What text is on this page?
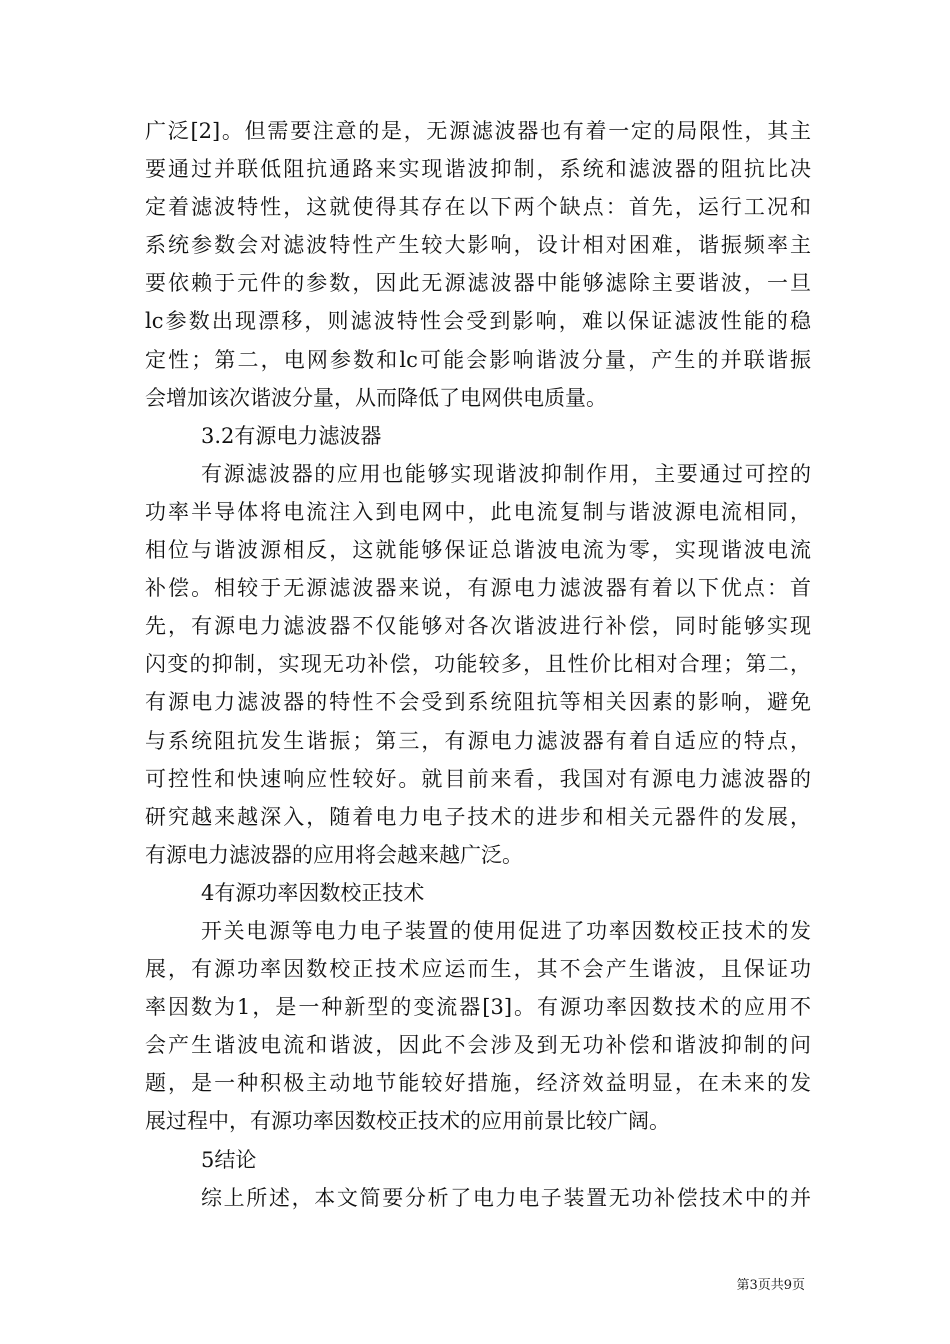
广泛[2]。但需要注意的是，无源滤波器也有着一定的局限性，其主
要通过并联低阻抗通路来实现谐波抑制，系统和滤波器的阻抗比决
定着滤波特性，这就使得其存在以下两个缺点：首先，运行工况和
系统参数会对滤波特性产生较大影响，设计相对困难，谐振频率主
要依赖于元件的参数，因此无源滤波器中能够滤除主要谐波，一旦
lc参数出现漂移，则滤波特性会受到影响，难以保证滤波性能的稳
定性；第二，电网参数和lc可能会影响谐波分量，产生的并联谐振
会增加该次谐波分量，从而降低了电网供电质量。
3.2有源电力滤波器
有源滤波器的应用也能够实现谐波抑制作用，主要通过可控的
功率半导体将电流注入到电网中，此电流复制与谐波源电流相同，
相位与谐波源相反，这就能够保证总谐波电流为零，实现谐波电流
补偿。相较于无源滤波器来说，有源电力滤波器有着以下优点：首
先，有源电力滤波器不仅能够对各次谐波进行补偿，同时能够实现
闪变的抑制，实现无功补偿，功能较多，且性价比相对合理；第二，
有源电力滤波器的特性不会受到系统阻抗等相关因素的影响，避免
与系统阻抗发生谐振；第三，有源电力滤波器有着自适应的特点，
可控性和快速响应性较好。就目前来看，我国对有源电力滤波器的
研究越来越深入，随着电力电子技术的进步和相关元器件的发展，
有源电力滤波器的应用将会越来越广泛。
4有源功率因数校正技术
开关电源等电力电子装置的使用促进了功率因数校正技术的发
展，有源功率因数校正技术应运而生，其不会产生谐波，且保证功
率因数为1，是一种新型的变流器[3]。有源功率因数技术的应用不
会产生谐波电流和谐波，因此不会涉及到无功补偿和谐波抑制的问
题，是一种积极主动地节能较好措施，经济效益明显，在未来的发
展过程中，有源功率因数校正技术的应用前景比较广阔。
5结论
综上所述，本文简要分析了电力电子装置无功补偿技术中的并
第3页共9页
